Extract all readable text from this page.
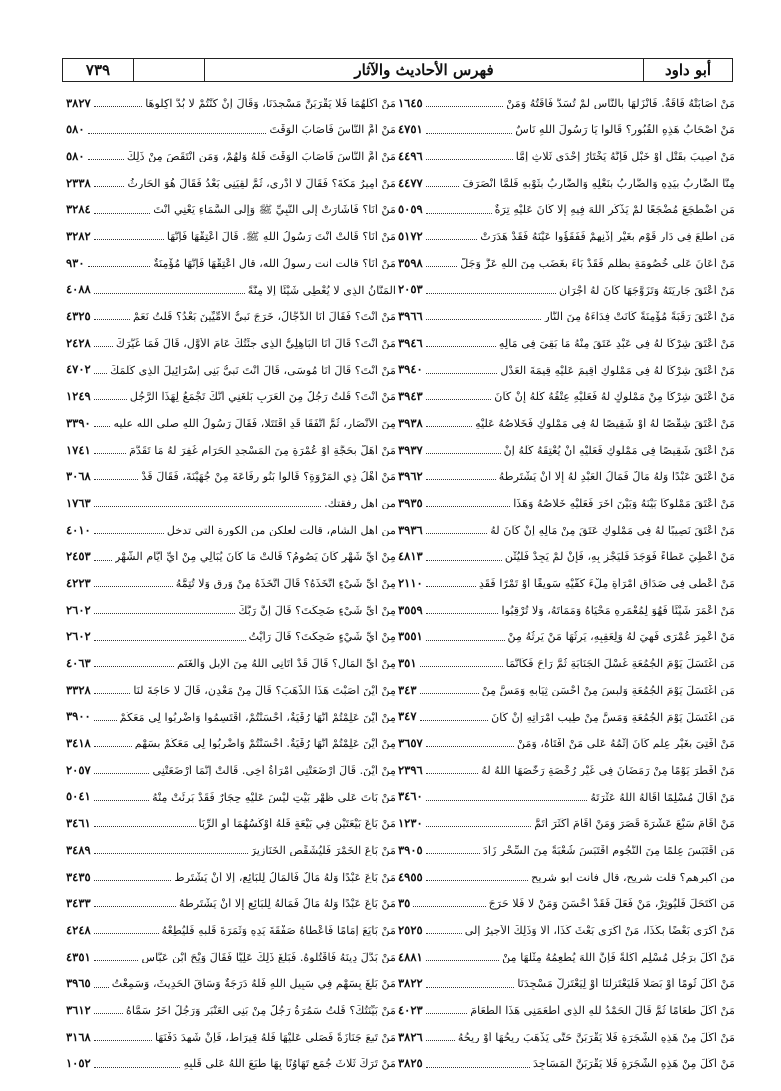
أبو داود
فهرس الأحاديث والآثار
٧٣٩
مَنْ أَصَابَتْهُ فَاقَةٌ. فَأَنْزَلَهَا بِالنَّاسِ لَمْ تُسَدَّ فَاقَتُهُ وَمَنْ
١٦٤٥
مَنْ أَصْحَابُ هَذِهِ الْقُبُورِ؟ قَالُوا يَا رَسُولَ اللهِ نَاسٌ
٤٧٥١
مَنْ أُصِيبَ بِقَتْلٍ أَوْ خَبْلٍ فَإِنَّهُ يَخْتَارُ إِحْدَى ثَلَاثٍ إِمَّا
٤٤٩٦
مِنَّا الضَّارِبُ بِيَدِهِ وَالضَّارِبُ بِنَعْلِهِ وَالضَّارِبُ بِثَوْبِهِ فَلَمَّا انْصَرَفَ
٤٤٧٧
مَنِ اضْطَجَعَ مُضْجَعًا لَمْ يَذْكُرِ اللهَ فِيهِ إِلَّا كَانَ عَلَيْهِ تِرَةٌ
٥٠٥٩
مَنِ اطَّلَعَ فِي دَارِ قَوْمٍ بِغَيْرِ إِذْنِهِمْ فَفَقَؤُوا عَيْنَهُ فَقَدْ هَدَرَتْ
٥١٧٢
مَنْ أَعَانَ عَلَى خُصُومَةٍ بِظُلْمٍ فَقَدْ بَاءَ بِغَضَبٍ مِنَ اللهِ عَزَّ وَجَلَّ
٣٥٩٨
مَنْ أَعْتَقَ جَارِيَتَهُ وَتَزَوَّجَهَا كَانَ لَهُ أَجْرَانِ
٢٠٥٣
مَنْ أَعْتَقَ رَقَبَةً مُؤْمِنَةً كَانَتْ فِدَاءَهُ مِنَ النَّارِ
٣٩٦٦
مَنْ أَعْتَقَ شِرْكًا لَهُ فِي عَبْدٍ عَتَقَ مِنْهُ مَا بَقِيَ فِي مَالِهِ
٣٩٤٦
مَنْ أَعْتَقَ شِرْكًا لَهُ فِي مَمْلُوكٍ أُقِيمَ عَلَيْهِ قِيمَةَ الْعَدْلِ
٣٩٤٠
مَنْ أَعْتَقَ شِرْكًا مِنْ مَمْلُوكٍ لَهُ فَعَلَيْهِ عِتْقُهُ كُلُّهُ إِنْ كَانَ
٣٩٤٣
مَنْ أَعْتَقَ شِقْصًا لَهُ أَوْ شَقِيصًا لَهُ فِي مَمْلُوكٍ فَخَلَاصُهُ عَلَيْهِ
٣٩٣٨
مَنْ أَعْتَقَ شَقِيصًا فِي مَمْلُوكٍ فَعَلَيْهِ أَنْ يُعْتِقَهُ كُلَّهُ إِنْ
٣٩٣٧
مَنْ أَعْتَقَ عَبْدًا وَلَهُ مَالٌ فَمَالُ الْعَبْدِ لَهُ إِلَّا أَنْ يَشْتَرِطَهُ
٣٩٦٢
مَنْ أَعْتَقَ مَمْلُوكًا بَيْنَهُ وَبَيْنَ آخَرَ فَعَلَيْهِ خَلَاصُهُ وَهَذَا
٣٩٣٥
مَنْ أَعْتَقَ نَصِيبًا لَهُ فِي مَمْلُوكٍ عَتَقَ مِنْ مَالِهِ إِنْ كَانَ لَهُ
٣٩٣٦
مَنْ أُعْطِيَ عَطَاءً فَوَجَدَ فَلْيَجْزِ بِهِ، فَإِنْ لَمْ يَجِدْ فَلْيُثْنِ
٤٨١٣
مَنْ أَعْطَى فِي صَدَاقِ امْرَأَةٍ مِلْءَ كَفَّيْهِ سَوِيقًا أَوْ تَمْرًا فَقَدِ
٢١١٠
مَنْ أَعْمَرَ شَيْئًا فَهُوَ لِمُعْمَرِهِ مَحْيَاهُ وَمَمَاتَهُ، وَلَا تُرْقِبُوا
٣٥٥٩
مَنْ أُعْمِرَ عُمْرَى فَهِيَ لَهُ وَلِعَقِبِهِ، يَرِثُهَا مَنْ يَرِثُهُ مِنْ
٣٥٥١
مَنِ اغْتَسَلَ يَوْمَ الْجُمُعَةِ غُسْلَ الْجَنَابَةِ ثُمَّ رَاحَ فَكَأَنَّمَا
٣٥١
مَنِ اغْتَسَلَ يَوْمَ الْجُمُعَةِ وَلَبِسَ مِنْ أَحْسَنِ ثِيَابِهِ وَمَسَّ مِنْ
٣٤٣
مَنِ اغْتَسَلَ يَوْمَ الْجُمُعَةِ وَمَسَّ مِنْ طِيبِ امْرَأَتِهِ إِنْ كَانَ
٣٤٧
مَنْ أُفْتِيَ بِغَيْرِ عِلْمٍ كَانَ إِثْمُهُ عَلَى مَنْ أَفْتَاهُ، وَمَنْ
٣٦٥٧
مَنْ أَفْطَرَ يَوْمًا مِنْ رَمَضَانَ فِي غَيْرِ رُخْصَةٍ رَخَّصَهَا اللهُ لَهُ
٢٣٩٦
مَنْ أَقَالَ مُسْلِمًا أَقَالَهُ اللهُ عَثْرَتَهُ
٣٤٦٠
مَنْ أَقَامَ سَبْعَ عَشْرَةَ قَصَرَ وَمَنْ أَقَامَ أَكْثَرَ أَتَمَّ
١٢٣٠
مَنِ اقْتَبَسَ عِلْمًا مِنَ النُّجُومِ اقْتَبَسَ شُعْبَةً مِنَ السِّحْرِ زَادَ
٣٩٠٥
من اكبرهم؟ قلت شريح، قال فانت ابو شريح
٤٩٥٥
مَنِ اكْتَحَلَ فَلْيُوتِرْ، مَنْ فَعَلَ فَقَدْ أَحْسَنَ وَمَنْ لَا فَلَا حَرَجَ
٣٥
مَنْ أَكْرَى بَعْضًا بِكَذَا، مَنْ أَكْرَى بَعْثَ كَذَا، أَلَا وَذَلِكَ الْأَجِيرُ إِلَى
٢٥٢٥
مَنْ أَكَلَ بِرَجُلٍ مُسْلِمٍ أَكْلَةً فَإِنَّ اللهَ يُطْعِمُهُ مِثْلَهَا مِنْ
٤٨٨١
مَنْ أَكَلَ ثُومًا أَوْ بَصَلًا فَلْيَعْتَزِلْنَا أَوْ لِيَعْتَزِلْ مَسْجِدَنَا
٣٨٢٢
مَنْ أَكَلَ طَعَامًا ثُمَّ قَالَ الْحَمْدُ للهِ الَّذِي أَطْعَمَنِي هَذَا الطَّعَامَ
٤٠٢٣
مَنْ أَكَلَ مِنْ هَذِهِ الشَّجَرَةِ فَلَا يَقْرَبَنَّ حَتَّى يَذْهَبَ رِيحُهَا أَوْ رِيحُهُ
٣٨٢٦
مَنْ أَكَلَ مِنْ هَذِهِ الشَّجَرَةِ فَلَا يَقْرَبَنَّ الْمَسَاجِدَ
٣٨٢٥
مَنْ أَكَلَهُمَا فَلَا يَقْرَبَنَّ مَسْجِدَنَا، وَقَالَ إِنْ كُنْتُمْ لَا بُدَّ آكِلُوهَا
٣٨٢٧
مَنْ أَمَّ النَّاسَ فَأَصَابَ الْوَقْتَ
٥٨٠
مَنْ أَمَّ النَّاسَ فَأَصَابَ الْوَقْتَ فَلَهُ وَلَهُمْ، وَمَنِ انْتَقَصَ مِنْ ذَلِكَ
٥٨٠
مَنْ أَمِيرُ مَكَّةَ؟ فَقَالَ لَا أَدْرِي، ثُمَّ لَقِيَنِي بَعْدُ فَقَالَ هُوَ الْحَارِثُ
٢٣٣٨
مَنْ أَنَا؟ فَأَشَارَتْ إِلَى النَّبِيِّ ﷺ وَإِلَى السَّمَاءِ يَعْنِي أَنْتَ
٣٢٨٤
مَنْ أَنَا؟ قَالَتْ أَنْتَ رَسُولُ اللهِ ﷺ. قَالَ أَعْتِقْهَا فَإِنَّهَا
٣٢٨٢
مَنْ أَنَا؟ قالت انت رسولُ الله، قال أَعْتِقْهَا فَإِنَّهَا مُؤْمِنَةٌ
٩٣٠
الْمَنَّانُ الَّذِي لَا يُعْطِي شَيْئًا إِلَّا مِنَّةً
٤٠٨٨
مَنْ أَنْتَ؟ فَقَالَ أَنَا الدَّجَّالُ، خَرَجَ نَبِيُّ الْأُمِّيِّينَ بَعْدُ؟ قُلْتُ نَعَمْ
٤٣٢٥
مَنْ أَنْتَ؟ قَالَ أَنَا الْبَاهِلِيُّ الَّذِي جِئْتُكَ عَامَ الْأَوَّلِ، قَالَ فَمَا غَيَّرَكَ
٢٤٢٨
مَنْ أَنْتَ؟ قَالَ أَنَا مُوسَى، قَالَ أَنْتَ نَبِيُّ بَنِي إِسْرَائِيلَ الَّذِي كَلَّمَكَ
٤٧٠٢
مَنْ أَنْتَ؟ قُلْتُ رَجُلٌ مِنَ الْعَرَبِ بَلَغَنِي أَنَّكَ تَجْمَعُ لِهَذَا الرَّجُلِ
١٢٤٩
مِنَ الْأَنْصَارِ، ثُمَّ اتَّفَقَا قَدِ اقْتَتَلَا، فَقَالَ رَسُولُ اللهِ صلى الله عليه
٣٣٩٠
مَنْ أَهَلَّ بِحَجَّةٍ أَوْ عُمْرَةٍ مِنَ الْمَسْجِدِ الْحَرَامِ غُفِرَ لَهُ مَا تَقَدَّمَ
١٧٤١
مَنْ أَهْلُ ذِي الْمَرْوَةِ؟ قَالُوا بَنُو رِفَاعَةَ مِنْ جُهَيْنَةَ، فَقَالَ قَدْ
٣٠٦٨
من اهل رفقتك.
١٧٦٣
من اهل الشام، قالت لعلكن من الكورة التي تدخل
٤٠١٠
مِنْ أَيِّ شَهْرٍ كَانَ يَصُومُ؟ قَالَتْ مَا كَانَ يُبَالِي مِنْ أَيِّ أَيَّامِ الشَّهْرِ
٢٤٥٣
مِنْ أَيِّ شَيْءٍ اتَّخَذَهُ؟ قَالَ اتَّخَذَهُ مِنْ وَرِقٍ وَلَا تُتِمَّهُ
٤٢٢٣
مِنْ أَيِّ شَيْءٍ ضَحِكْتَ؟ قَالَ إِنَّ رَبَّكَ
٢٦٠٢
مِنْ أَيِّ شَيْءٍ ضَحِكْتَ؟ قَالَ رَأَيْتُ
٢٦٠٢
مِنْ أَيِّ الْمَالِ؟ قَالَ قَدْ أَتَانِي اللهُ مِنَ الْإِبِلِ وَالْغَنَمِ
٤٠٦٣
مِنْ أَيْنَ أَصَبْتَ هَذَا الذَّهَبَ؟ قَالَ مِنْ مَعْدِنٍ، قَالَ لَا حَاجَةَ لَنَا
٣٣٢٨
مِنْ أَيْنَ عَلِمْتُمْ أَنَّهَا رُقْيَةٌ، أَحْسَنْتُمْ، اقْتَسِمُوا وَاضْرِبُوا لِي مَعَكُمْ
٣٩٠٠
مِنْ أَيْنَ عَلِمْتُمْ أَنَّهَا رُقْيَةٌ. أَحْسَنْتُمْ وَاضْرِبُوا لِي مَعَكُمْ بِسَهْمٍ
٣٤١٨
مِنْ أَيْنَ. قَالَ أَرْضَعَتْنِي امْرَأَةُ أَخِي. قَالَتْ إِنَّمَا أَرْضَعَتْنِي
٢٠٥٧
مَنْ بَاتَ عَلَى ظَهْرِ بَيْتٍ لَيْسَ عَلَيْهِ حِجَارٌ فَقَدْ بَرِئَتْ مِنْهُ
٥٠٤١
مَنْ بَاعَ بَيْعَتَيْنِ فِي بَيْعَةٍ فَلَهُ أَوْكَسُهُمَا أَوِ الرِّبَا
٣٤٦١
مَنْ بَاعَ الْخَمْرَ فَلْيُشَقِّصِ الْخَنَازِيرَ
٣٤٨٩
مَنْ بَاعَ عَبْدًا وَلَهُ مَالٌ فَالْمَالُ لِلْبَائِعِ، إِلَّا أَنْ يَشْتَرِطَ
٣٤٣٥
مَنْ بَاعَ عَبْدًا وَلَهُ مَالٌ فَمَالُهُ لِلْبَائِعِ إِلَّا أَنْ يَشْتَرِطَهُ
٣٤٣٣
مَنْ بَايَعَ إِمَامًا فَأَعْطَاهُ صَفْقَةَ يَدِهِ وَثَمَرَةَ قَلْبِهِ فَلْيُطِعْهُ
٤٢٤٨
مَنْ بَدَّلَ دِينَهُ فَاقْتُلُوهُ. فَبَلَغَ ذَلِكَ عَلِيًّا فَقَالَ وَيْحَ ابْنِ عَبَّاسٍ
٤٣٥١
مَنْ بَلَغَ بِسَهْمٍ فِي سَبِيلِ اللهِ فَلَهُ دَرَجَةٌ وَسَاقَ الْحَدِيثَ، وَسَمِعْتُ
٣٩٦٥
مَنْ بَيِّنَتُكَ؟ قُلْتُ سَمُرَةُ رَجُلٌ مِنْ بَنِي الْعَنْبَرِ وَرَجُلٌ آخَرُ سَمَّاهُ
٣٦١٢
مَنْ تَبِعَ جَنَازَةً فَصَلَّى عَلَيْهَا فَلَهُ قِيرَاطٌ، فَإِنْ شَهِدَ دَفْنَهَا
٣١٦٨
مَنْ تَرَكَ ثَلَاثَ جُمَعٍ تَهَاوُنًا بِهَا طَبَعَ اللهُ عَلَى قَلْبِهِ
١٠٥٢
